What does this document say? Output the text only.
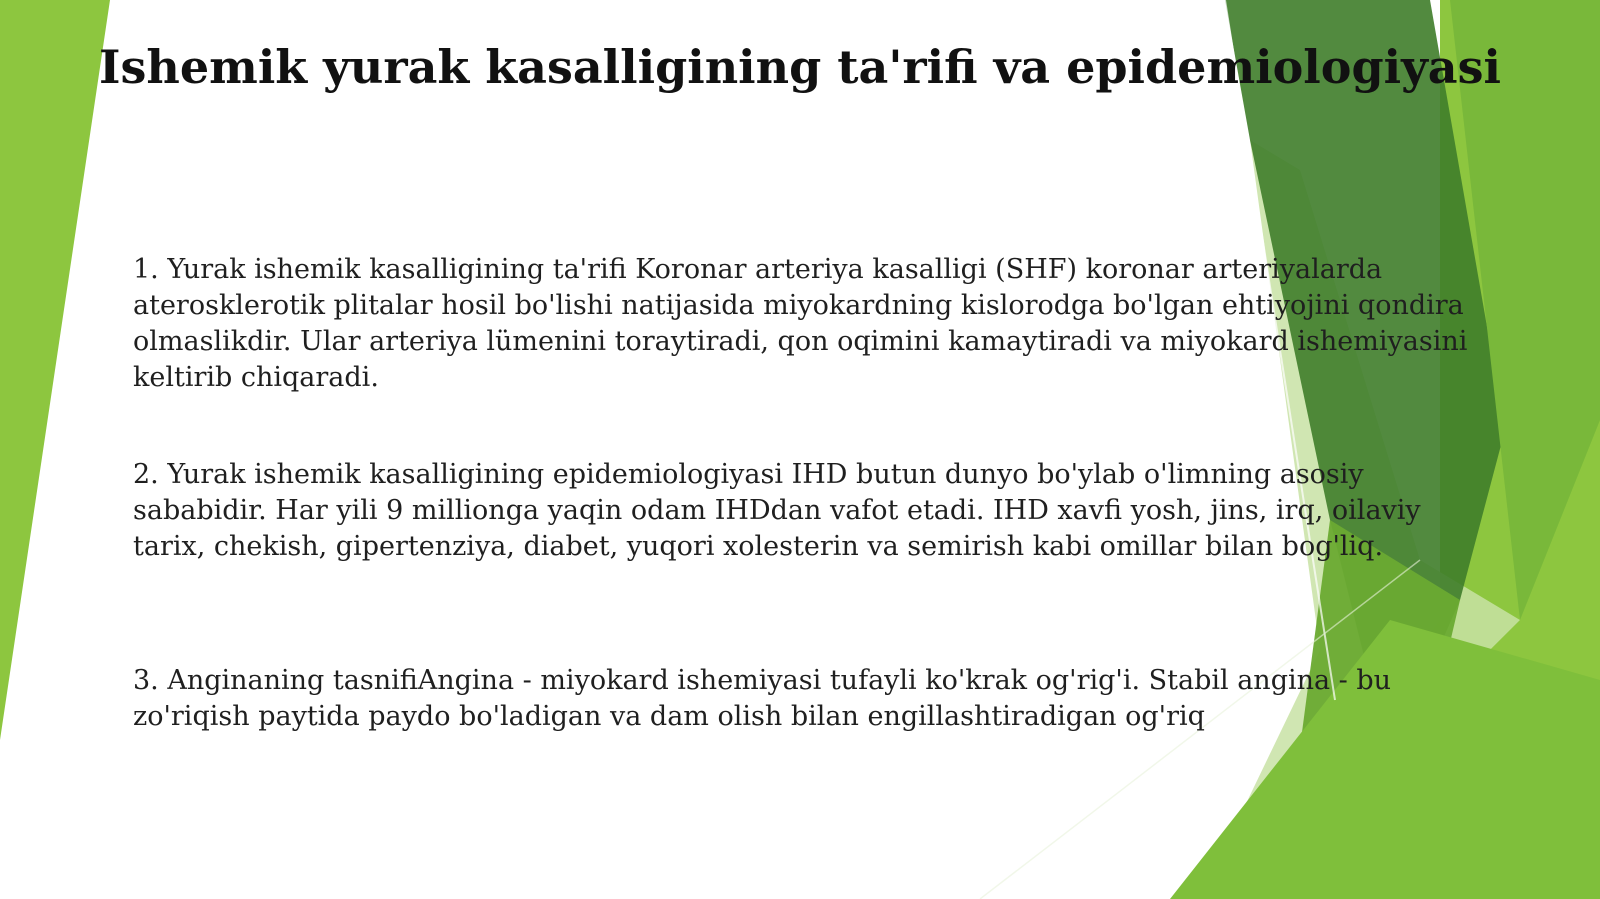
Ishemik yurak kasalligining ta'rifi va epidemiologiyasi

1. Yurak ishemik kasalligining ta'rifi Koronar arteriya kasalligi (SHF) koronar arteriyalarda aterosklerotik plitalar hosil bo'lishi natijasida miyokardning kislorodga bo'lgan ehtiyojini qondira olmaslikdir. Ular arteriya lümenini toraytiradi, qon oqimini kamaytiradi va miyokard ishemiyasini keltirib chiqaradi.

2. Yurak ishemik kasalligining epidemiologiyasi IHD butun dunyo bo'ylab o'limning asosiy sababidir. Har yili 9 millionga yaqin odam IHDdan vafot etadi. IHD xavfi yosh, jins, irq, oilaviy tarix, chekish, gipertenziya, diabet, yuqori xolesterin va semirish kabi omillar bilan bog'liq.

3. Anginaning tasnifiAngina - miyokard ishemiyasi tufayli ko'krak og'rig'i. Stabil angina - bu zo'riqish paytida paydo bo'ladigan va dam olish bilan engillashtiradigan og'riq
